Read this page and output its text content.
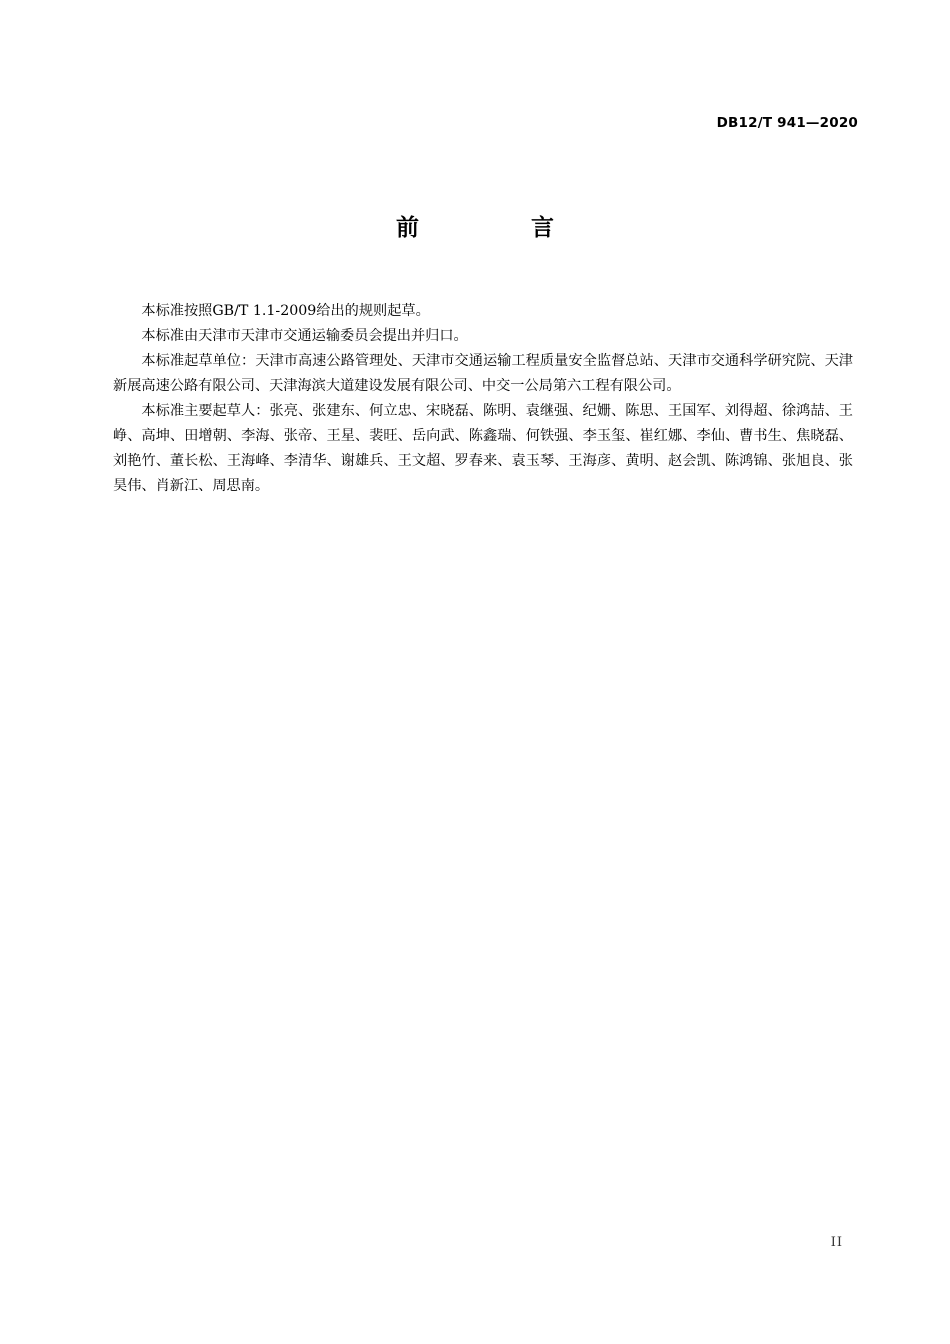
DB12/T 941—2020
前 言

本标准按照GB/T 1.1-2009给出的规则起草。

本标准由天津市天津市交通运输委员会提出并归口。

本标准起草单位：天津市高速公路管理处、天津市交通运输工程质量安全监督总站、天津市交通科学研究院、天津新展高速公路有限公司、天津海滨大道建设发展有限公司、中交一公局第六工程有限公司。

本标准主要起草人：张亮、张建东、何立忠、宋晓磊、陈明、袁继强、纪姗、陈思、王国军、刘得超、徐鸿喆、王峥、高坤、田增朝、李海、张帝、王星、裴旺、岳向武、陈鑫瑞、何铁强、李玉玺、崔红娜、李仙、曹书生、焦晓磊、刘艳竹、董长松、王海峰、李清华、谢雄兵、王文超、罗春来、袁玉琴、王海彦、黄明、赵会凯、陈鸿锦、张旭良、张昊伟、肖新江、周思南。

II
